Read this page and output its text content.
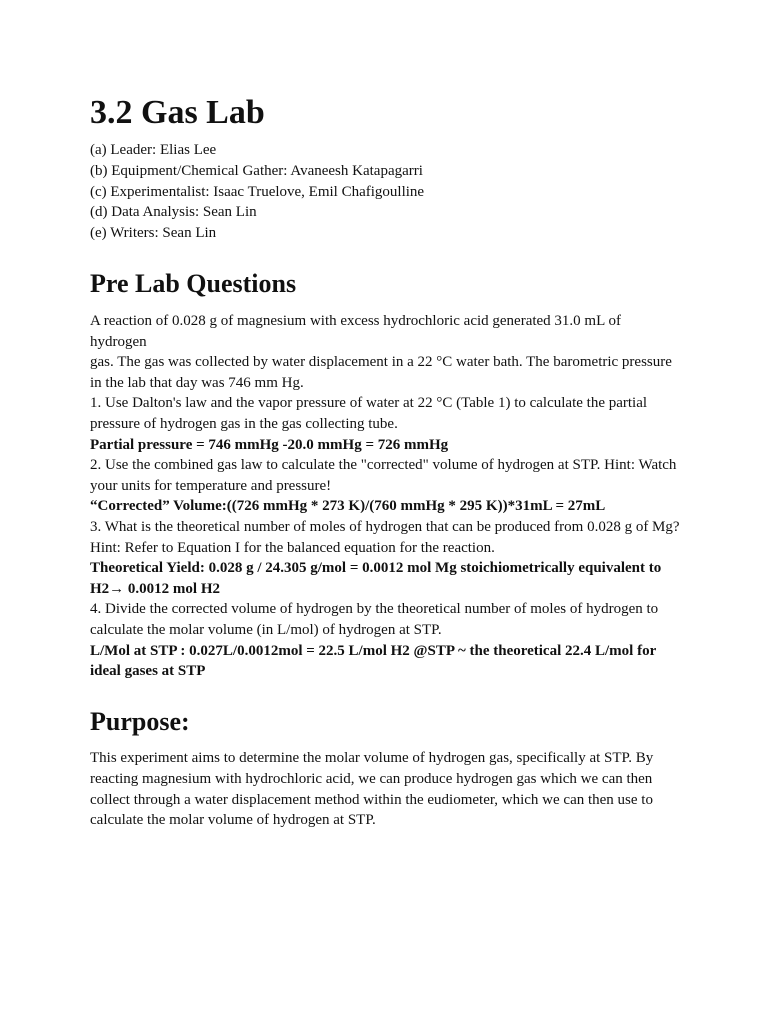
3.2 Gas Lab
(a) Leader: Elias Lee
(b) Equipment/Chemical Gather: Avaneesh Katapagarri
(c) Experimentalist: Isaac Truelove, Emil Chafigoulline
(d) Data Analysis: Sean Lin
(e) Writers: Sean Lin
Pre Lab Questions

A reaction of 0.028 g of magnesium with excess hydrochloric acid generated 31.0 mL of hydrogen

gas. The gas was collected by water displacement in a 22 °C water bath. The barometric pressure in the lab that day was 746 mm Hg.

1. Use Dalton's law and the vapor pressure of water at 22 °C (Table 1) to calculate the partial pressure of hydrogen gas in the gas collecting tube.

Partial pressure = 746 mmHg -20.0 mmHg = 726 mmHg

2. Use the combined gas law to calculate the "corrected" volume of hydrogen at STP. Hint: Watch your units for temperature and pressure!

“Corrected” Volume:((726 mmHg * 273 K)/(760 mmHg * 295 K))*31mL = 27mL

3. What is the theoretical number of moles of hydrogen that can be produced from 0.028 g of Mg? Hint: Refer to Equation I for the balanced equation for the reaction.

Theoretical Yield: 0.028 g / 24.305 g/mol = 0.0012 mol Mg stoichiometrically equivalent to H2→ 0.0012 mol H2

4. Divide the corrected volume of hydrogen by the theoretical number of moles of hydrogen to calculate the molar volume (in L/mol) of hydrogen at STP.

L/Mol at STP : 0.027L/0.0012mol = 22.5 L/mol H2 @STP ~ the theoretical 22.4 L/mol for ideal gases at STP

Purpose:

This experiment aims to determine the molar volume of hydrogen gas, specifically at STP. By reacting magnesium with hydrochloric acid, we can produce hydrogen gas which we can then collect through a water displacement method within the eudiometer, which we can then use to calculate the molar volume of hydrogen at STP.
